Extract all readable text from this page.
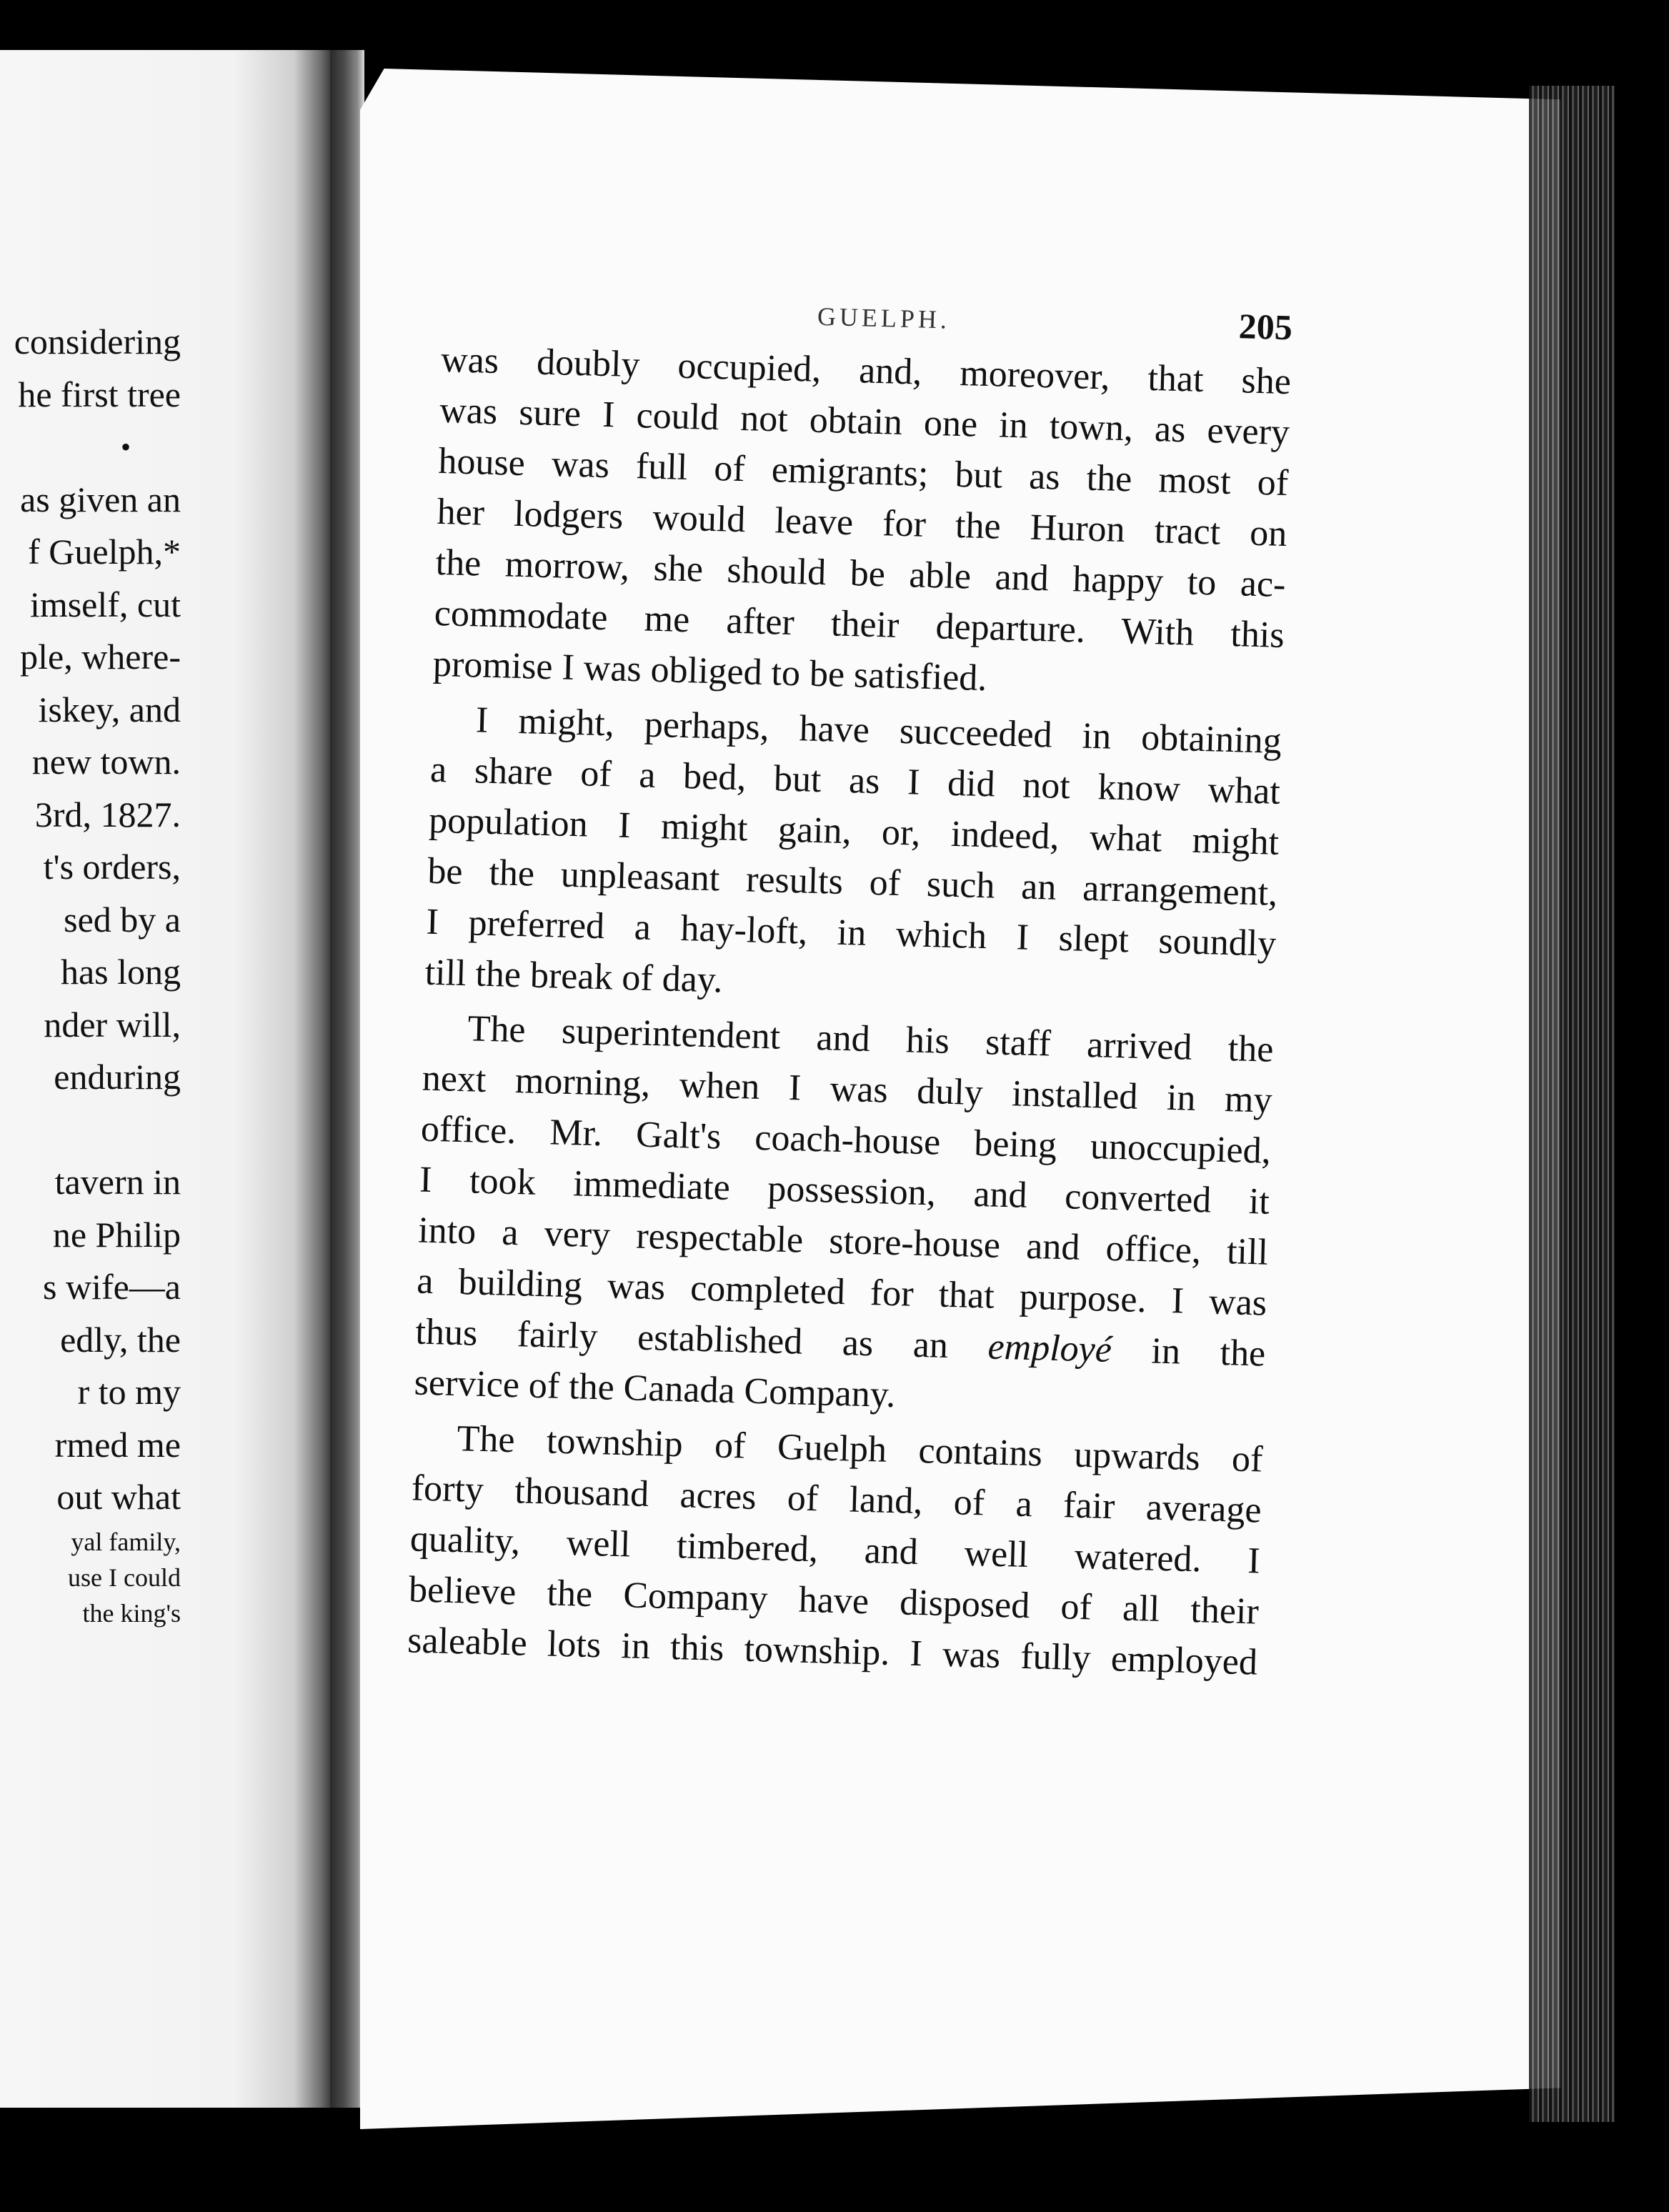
considering
he first tree
•
as given an
f Guelph,*
imself, cut
ple, where-
iskey, and
new town.
3rd, 1827.
t's orders,
sed by a
has long
nder will,
enduring

tavern in
ne Philip
s wife—a
edly, the
r to my
rmed me
out what
yal family,
use I could
the king's
GUELPH.	205

was doubly occupied, and, moreover, that she
was sure I could not obtain one in town, as every
house was full of emigrants; but as the most of
her lodgers would leave for the Huron tract on
the morrow, she should be able and happy to ac-
commodate me after their departure. With this
promise I was obliged to be satisfied.

I might, perhaps, have succeeded in obtaining
a share of a bed, but as I did not know what
population I might gain, or, indeed, what might
be the unpleasant results of such an arrangement,
I preferred a hay-loft, in which I slept soundly
till the break of day.

The superintendent and his staff arrived the
next morning, when I was duly installed in my
office. Mr. Galt's coach-house being unoccupied,
I took immediate possession, and converted it
into a very respectable store-house and office, till
a building was completed for that purpose. I was
thus fairly established as an employé in the
service of the Canada Company.

The township of Guelph contains upwards of
forty thousand acres of land, of a fair average
quality, well timbered, and well watered. I
believe the Company have disposed of all their
saleable lots in this township. I was fully employed
